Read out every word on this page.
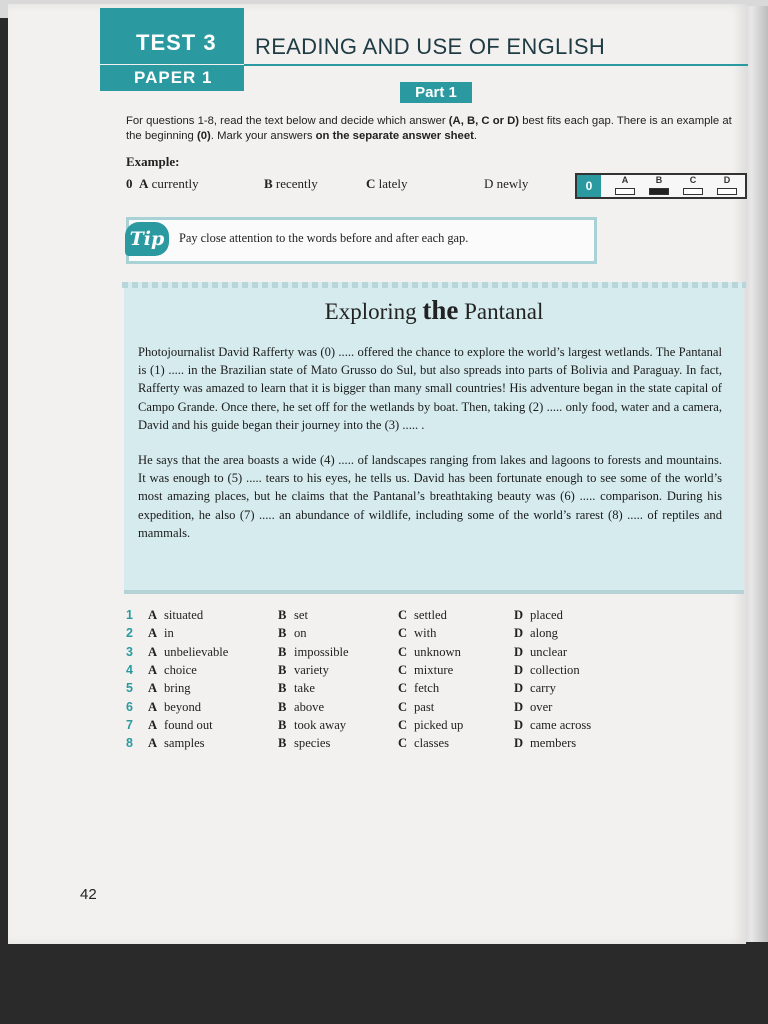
TEST 3
PAPER 1
READING AND USE OF ENGLISH
Part 1
For questions 1-8, read the text below and decide which answer (A, B, C or D) best fits each gap. There is an example at the beginning (0). Mark your answers on the separate answer sheet.
Example:
0 A currently	B recently	C lately	D newly	0	A	B	C	D
Tip	Pay close attention to the words before and after each gap.
Exploring the Pantanal

Photojournalist David Rafferty was (0) ..... offered the chance to explore the world’s largest wetlands. The Pantanal is (1) ..... in the Brazilian state of Mato Grusso do Sul, but also spreads into parts of Bolivia and Paraguay. In fact, Rafferty was amazed to learn that it is bigger than many small countries! His adventure began in the state capital of Campo Grande. Once there, he set off for the wetlands by boat. Then, taking (2) ..... only food, water and a camera, David and his guide began their journey into the (3) ..... .

He says that the area boasts a wide (4) ..... of landscapes ranging from lakes and lagoons to forests and mountains. It was enough to (5) ..... tears to his eyes, he tells us. David has been fortunate enough to see some of the world’s most amazing places, but he claims that the Pantanal’s breathtaking beauty was (6) ..... comparison. During his expedition, he also (7) ..... an abundance of wildlife, including some of the world’s rarest (8) ..... of reptiles and mammals.

1 A situated	B set	C settled	D placed
2 A in	B on	C with	D along
3 A unbelievable	B impossible	C unknown	D unclear
4 A choice	B variety	C mixture	D collection
5 A bring	B take	C fetch	D carry
6 A beyond	B above	C past	D over
7 A found out	B took away	C picked up	D came across
8 A samples	B species	C classes	D members
42
